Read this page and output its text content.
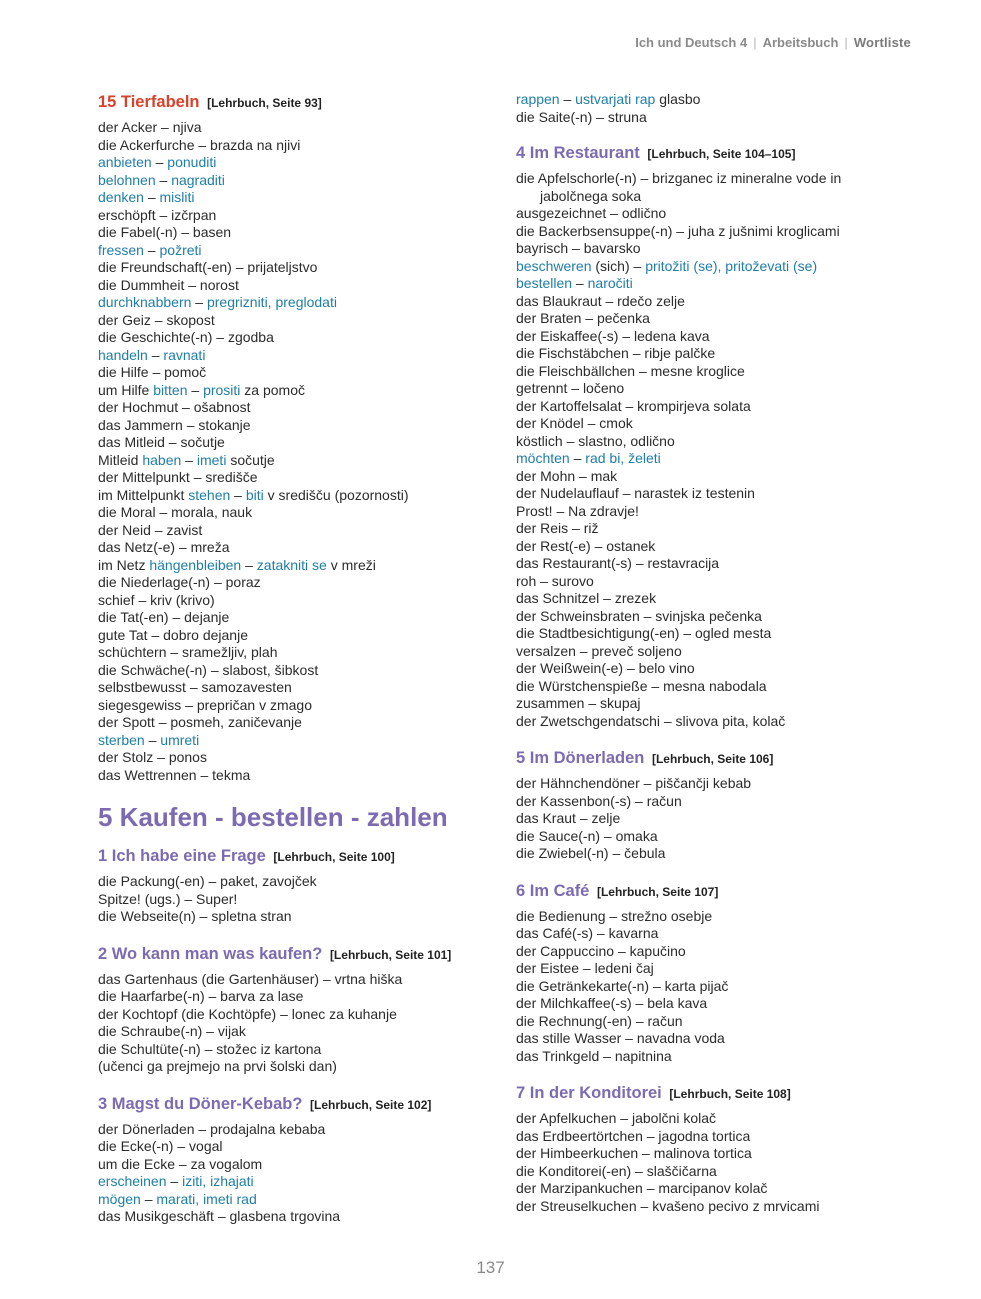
Ich und Deutsch 4 | Arbeitsbuch | Wortliste
15 Tierfabeln [Lehrbuch, Seite 93]
der Acker – njiva
die Ackerfurche – brazda na njivi
anbieten – ponuditi
belohnen – nagraditi
denken – misliti
erschöpft – izčrpan
die Fabel(-n) – basen
fressen – požreti
die Freundschaft(-en) – prijateljstvo
die Dummheit – norost
durchknabbern – pregrizniti, preglodati
der Geiz – skopost
die Geschichte(-n) – zgodba
handeln – ravnati
die Hilfe – pomoč
um Hilfe bitten – prositi za pomoč
der Hochmut – ošabnost
das Jammern – stokanje
das Mitleid – sočutje
Mitleid haben – imeti sočutje
der Mittelpunkt – središče
im Mittelpunkt stehen – biti v središču (pozornosti)
die Moral – morala, nauk
der Neid – zavist
das Netz(-e) – mreža
im Netz hängenbleiben – zatakniti se v mreži
die Niederlage(-n) – poraz
schief – kriv (krivo)
die Tat(-en) – dejanje
gute Tat – dobro dejanje
schüchtern – sramežljiv, plah
die Schwäche(-n) – slabost, šibkost
selbstbewusst – samozavesten
siegesgewiss – prepričan v zmago
der Spott – posmeh, zaničevanje
sterben – umreti
der Stolz – ponos
das Wettrennen – tekma
5 Kaufen - bestellen - zahlen
1 Ich habe eine Frage [Lehrbuch, Seite 100]
die Packung(-en) – paket, zavojček
Spitze! (ugs.) – Super!
die Webseite(n) – spletna stran
2 Wo kann man was kaufen? [Lehrbuch, Seite 101]
das Gartenhaus (die Gartenhäuser) – vrtna hiška
die Haarfarbe(-n) – barva za lase
der Kochtopf (die Kochtöpfe) – lonec za kuhanje
die Schraube(-n) – vijak
die Schultüte(-n) – stožec iz kartona
(učenci ga prejmejo na prvi šolski dan)
3 Magst du Döner-Kebab? [Lehrbuch, Seite 102]
der Dönerladen – prodajalna kebaba
die Ecke(-n) – vogal
um die Ecke – za vogalom
erscheinen – iziti, izhajati
mögen – marati, imeti rad
das Musikgeschäft – glasbena trgovina
rappen – ustvarjati rap glasbo
die Saite(-n) – struna
4 Im Restaurant [Lehrbuch, Seite 104–105]
die Apfelschorle(-n) – brizganec iz mineralne vode in
jabolčnega soka
ausgezeichnet – odlično
die Backerbsensuppe(-n) – juha z jušnimi kroglicami
bayrisch – bavarsko
beschweren (sich) – pritožiti (se), pritoževati (se)
bestellen – naročiti
das Blaukraut – rdečo zelje
der Braten – pečenka
der Eiskaffee(-s) – ledena kava
die Fischstäbchen – ribje palčke
die Fleischbällchen – mesne kroglice
getrennt – ločeno
der Kartoffelsalat – krompirjeva solata
der Knödel – cmok
köstlich – slastno, odlično
möchten – rad bi, želeti
der Mohn – mak
der Nudelauflauf – narastek iz testenin
Prost! – Na zdravje!
der Reis – riž
der Rest(-e) – ostanek
das Restaurant(-s) – restavracija
roh – surovo
das Schnitzel – zrezek
der Schweinsbraten – svinjska pečenka
die Stadtbesichtigung(-en) – ogled mesta
versalzen – preveč soljeno
der Weißwein(-e) – belo vino
die Würstchenspieße – mesna nabodala
zusammen – skupaj
der Zwetschgendatschi – slivova pita, kolač
5 Im Dönerladen [Lehrbuch, Seite 106]
der Hähnchendöner – piščančji kebab
der Kassenbon(-s) – račun
das Kraut – zelje
die Sauce(-n) – omaka
die Zwiebel(-n) – čebula
6 Im Café [Lehrbuch, Seite 107]
die Bedienung – strežno osebje
das Café(-s) – kavarna
der Cappuccino – kapučino
der Eistee – ledeni čaj
die Getränkekarte(-n) – karta pijač
der Milchkaffee(-s) – bela kava
die Rechnung(-en) – račun
das stille Wasser – navadna voda
das Trinkgeld – napitnina
7 In der Konditorei [Lehrbuch, Seite 108]
der Apfelkuchen – jabolčni kolač
das Erdbeertörtchen – jagodna tortica
der Himbeerkuchen – malinova tortica
die Konditorei(-en) – slaščičarna
der Marzipankuchen – marcipanov kolač
der Streuselkuchen – kvašeno pecivo z mrvicami
137
